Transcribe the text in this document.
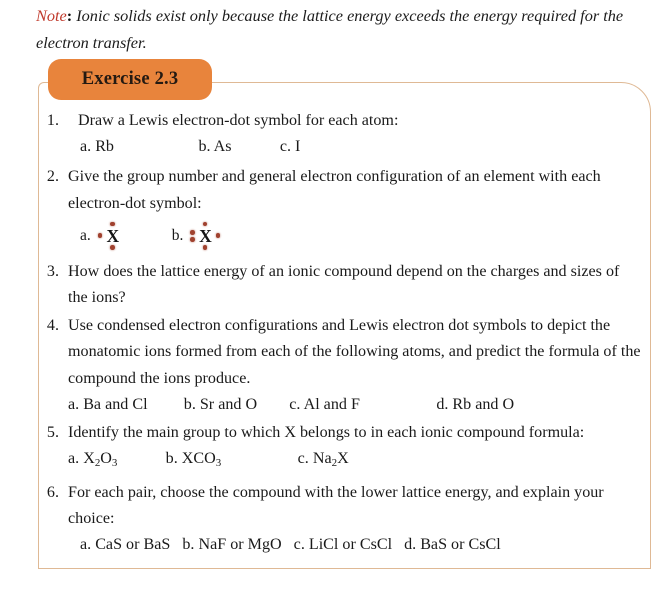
Note: Ionic solids exist only because the lattice energy exceeds the energy required for the electron transfer.
Exercise 2.3
1.	Draw a Lewis electron-dot symbol for each atom:
a. Rb                     b. As            c. I
2. Give the group number and general electron configuration of an element with each electron-dot symbol:
a. X	b. X
3. How does the lattice energy of an ionic compound depend on the charges and sizes of the ions?
4. Use condensed electron configurations and Lewis electron dot symbols to depict the monatomic ions formed from each of the following atoms, and predict the formula of the compound the ions produce.
a. Ba and Cl         b. Sr and O        c. Al and F                   d. Rb and O
5. Identify the main group to which X belongs to in each ionic compound formula:
a. $X_2O_3$	b. $XCO_3$	c. $Na_2X$
6. For each pair, choose the compound with the lower lattice energy, and explain your choice:
a. CaS or BaS   b. NaF or MgO   c. LiCl or CsCl   d. BaS or CsCl
